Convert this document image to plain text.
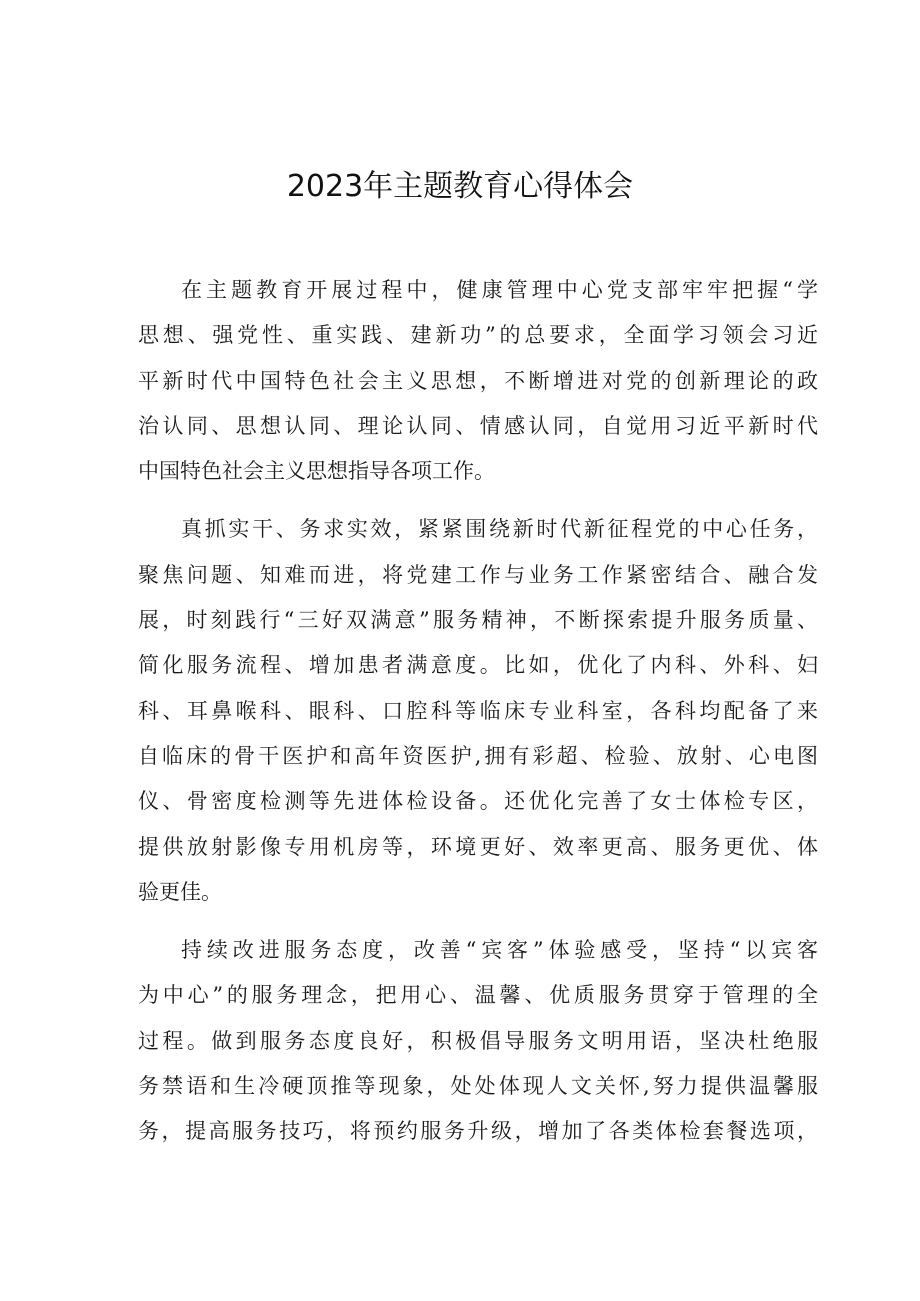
2023年主题教育心得体会

在主题教育开展过程中，健康管理中心党支部牢牢把握“学
思想、强党性、重实践、建新功”的总要求，全面学习领会习近
平新时代中国特色社会主义思想，不断增进对党的创新理论的政
治认同、思想认同、理论认同、情感认同，自觉用习近平新时代
中国特色社会主义思想指导各项工作。

真抓实干、务求实效，紧紧围绕新时代新征程党的中心任务，
聚焦问题、知难而进，将党建工作与业务工作紧密结合、融合发
展，时刻践行“三好双满意”服务精神，不断探索提升服务质量、
简化服务流程、增加患者满意度。比如，优化了内科、外科、妇
科、耳鼻喉科、眼科、口腔科等临床专业科室，各科均配备了来
自临床的骨干医护和高年资医护,拥有彩超、检验、放射、心电图
仪、骨密度检测等先进体检设备。还优化完善了女士体检专区，
提供放射影像专用机房等，环境更好、效率更高、服务更优、体
验更佳。

持续改进服务态度，改善“宾客”体验感受，坚持“以宾客
为中心”的服务理念，把用心、温馨、优质服务贯穿于管理的全
过程。做到服务态度良好，积极倡导服务文明用语，坚决杜绝服
务禁语和生冷硬顶推等现象，处处体现人文关怀,努力提供温馨服
务，提高服务技巧，将预约服务升级，增加了各类体检套餐选项，
